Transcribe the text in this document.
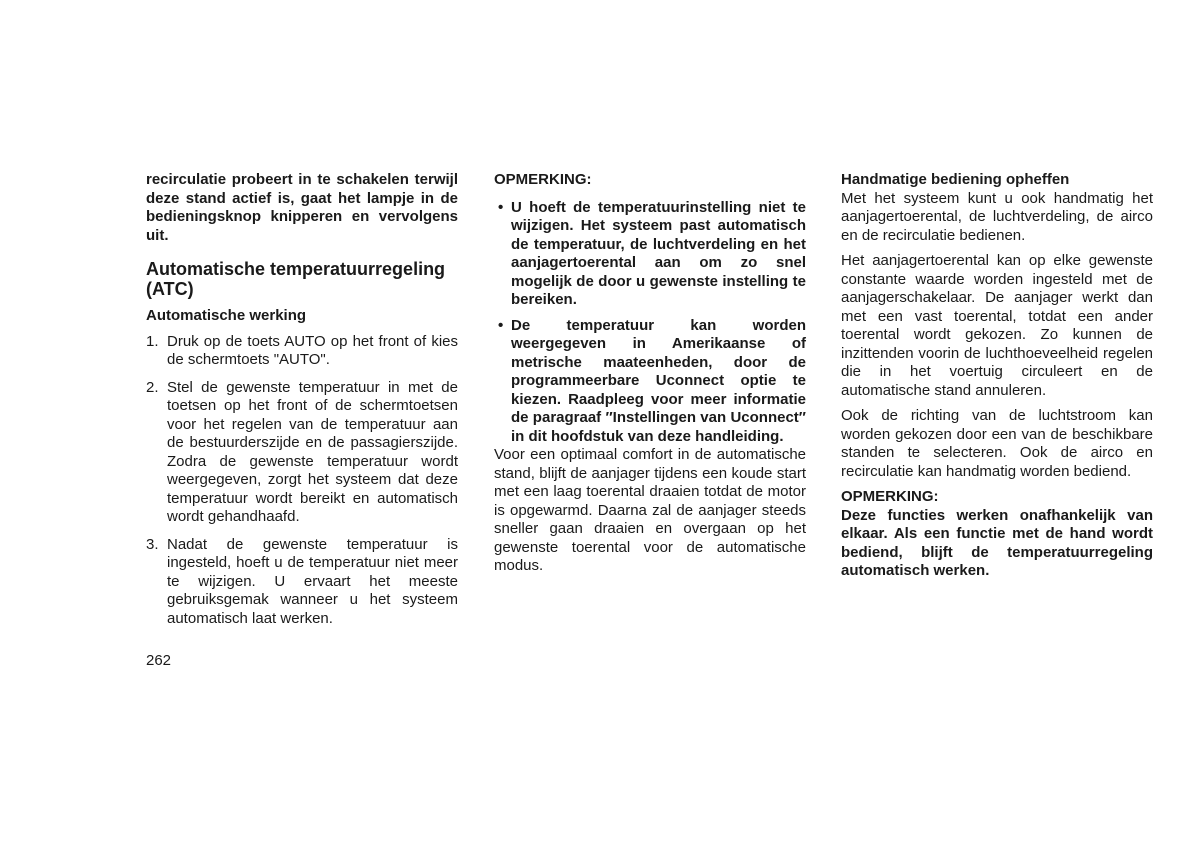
recirculatie probeert in te schakelen terwijl deze stand actief is, gaat het lampje in de bedieningsknop knipperen en vervolgens uit.

Automatische temperatuurregeling (ATC)
Automatische werking
1. Druk op de toets AUTO op het front of kies de schermtoets "AUTO".
2. Stel de gewenste temperatuur in met de toetsen op het front of de schermtoetsen voor het regelen van de temperatuur aan de bestuurderszijde en de passagierszijde. Zodra de gewenste temperatuur wordt weergegeven, zorgt het systeem dat deze temperatuur wordt bereikt en automatisch wordt gehandhaafd.
3. Nadat de gewenste temperatuur is ingesteld, hoeft u de temperatuur niet meer te wijzigen. U ervaart het meeste gebruiksgemak wanneer u het systeem automatisch laat werken.
OPMERKING:
• U hoeft de temperatuurinstelling niet te wijzigen. Het systeem past automatisch de temperatuur, de luchtverdeling en het aanjagertoerental aan om zo snel mogelijk de door u gewenste instelling te bereiken.
• De temperatuur kan worden weergegeven in Amerikaanse of metrische maateenheden, door de programmeerbare Uconnect optie te kiezen. Raadpleeg voor meer informatie de paragraaf ″Instellingen van Uconnect″ in dit hoofdstuk van deze handleiding.

Voor een optimaal comfort in de automatische stand, blijft de aanjager tijdens een koude start met een laag toerental draaien totdat de motor is opgewarmd. Daarna zal de aanjager steeds sneller gaan draaien en overgaan op het gewenste toerental voor de automatische modus.

Handmatige bediening opheffen

Met het systeem kunt u ook handmatig het aanjagertoerental, de luchtverdeling, de airco en de recirculatie bedienen.

Het aanjagertoerental kan op elke gewenste constante waarde worden ingesteld met de aanjagerschakelaar. De aanjager werkt dan met een vast toerental, totdat een ander toerental wordt gekozen. Zo kunnen de inzittenden voorin de luchthoeveelheid regelen die in het voertuig circuleert en de automatische stand annuleren.

Ook de richting van de luchtstroom kan worden gekozen door een van de beschikbare standen te selecteren. Ook de airco en recirculatie kan handmatig worden bediend.

OPMERKING:

Deze functies werken onafhankelijk van elkaar. Als een functie met de hand wordt bediend, blijft de temperatuurregeling automatisch werken.

262
